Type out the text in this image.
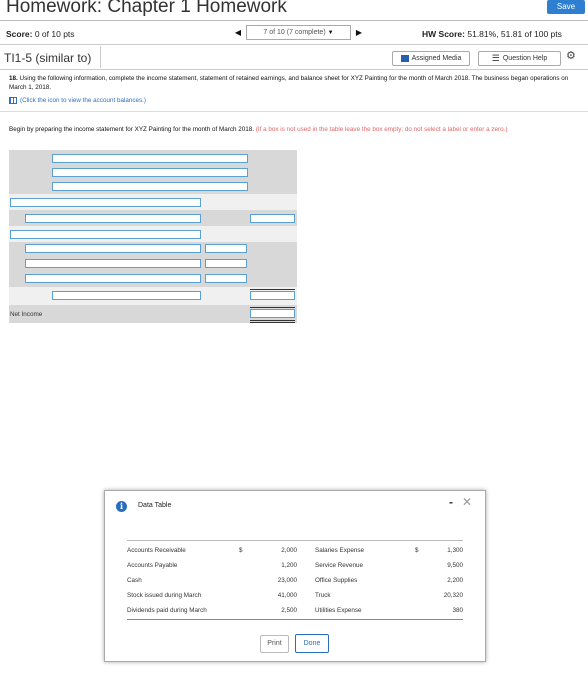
Homework: Chapter 1 Homework	Save
Score: 0 of 10 pts	◀	7 of 10 (7 complete)
▼	▶	HW Score: 51.81%, 51.81 of 100 pts
TI1-5 (similar to)	Assigned Media	☰ Question Help ⚙
18. Using the following information, complete the income statement, statement of retained earnings, and balance sheet for XYZ Painting for the month of March 2018. The business began operations on March 1, 2018.
(Click the icon to view the account balances.)
Begin by preparing the income statement for XYZ Painting for the month of March 2018. (If a box is not used in the table leave the box empty; do not select a label or enter a zero.)
Net Income
i	Data Table	- ✕
Accounts Receivable	$	2,000	Salaries Expense	$	1,300
Accounts Payable	1,200	Service Revenue	9,500
Cash	23,000	Office Supplies	2,200
Stock issued during March	41,000	Truck	20,320
Dividends paid during March	2,500	Utilities Expense	380
Print	Done
